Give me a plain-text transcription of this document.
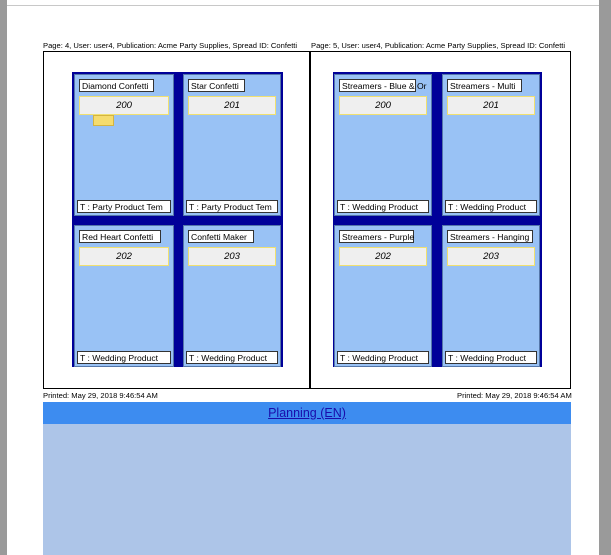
Page: 4, User: user4, Publication: Acme Party Supplies, Spread ID: Confetti	Page: 5, User: user4, Publication: Acme Party Supplies, Spread ID: Confetti
Diamond Confetti
200
T : Party Product Tem
Star Confetti
201
T : Party Product Tem
Red Heart Confetti
202
T : Wedding Product
Confetti Maker
203
T : Wedding Product
Streamers - Blue & Or
200
T : Wedding Product
Streamers - Multi
201
T : Wedding Product
Streamers - Purple
202
T : Wedding Product
Streamers - Hanging
203
T : Wedding Product
Printed: May 29, 2018 9:46:54 AM	Printed: May 29, 2018 9:46:54 AM
Planning (EN)
